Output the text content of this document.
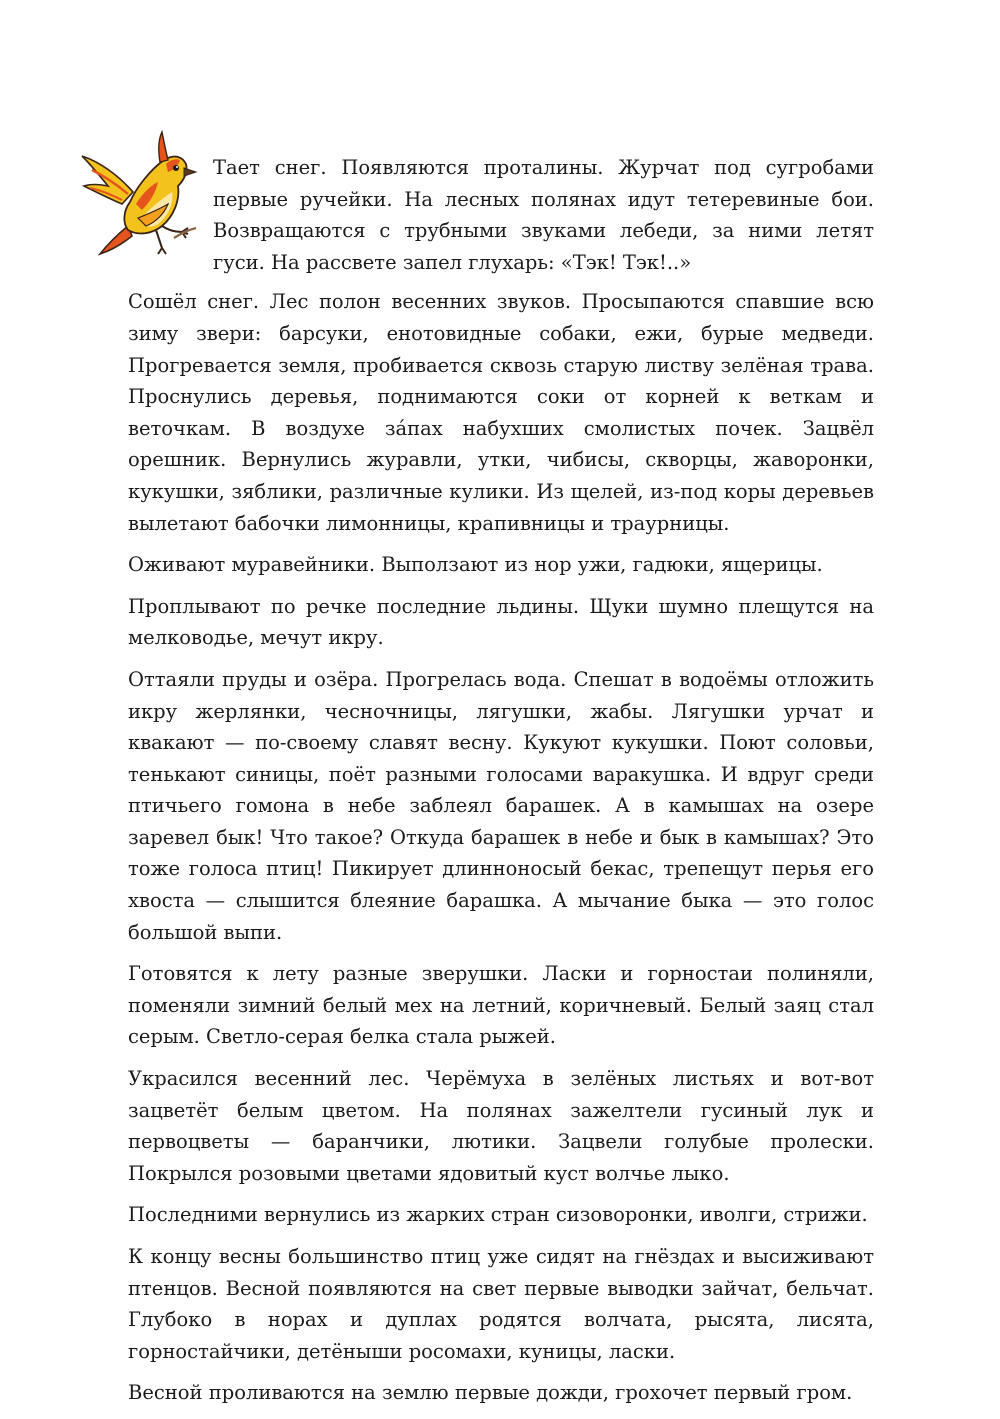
Тает снег. Появляются проталины. Журчат под сугробами первые ручейки. На лесных полянах идут тетеревиные бои. Возвращаются с трубными звуками лебеди, за ними летят гуси. На рассвете запел глухарь: «Тэк! Тэк!..»

Сошёл снег. Лес полон весенних звуков. Просыпаются спавшие всю зиму звери: барсуки, енотовидные собаки, ежи, бурые медведи. Прогревается земля, пробивается сквозь старую листву зелёная трава. Проснулись деревья, поднимаются соки от корней к веткам и веточкам. В воздухе зáпах набухших смолистых почек. Зацвёл орешник. Вернулись журавли, утки, чибисы, скворцы, жаворонки, кукушки, зяблики, различные кулики. Из щелей, из-под коры деревьев вылетают бабочки лимонницы, крапивницы и траурницы.

Оживают муравейники. Выползают из нор ужи, гадюки, ящерицы.

Проплывают по речке последние льдины. Щуки шумно плещутся на мелководье, мечут икру.

Оттаяли пруды и озёра. Прогрелась вода. Спешат в водоёмы отложить икру жерлянки, чесночницы, лягушки, жабы. Лягушки урчат и квакают — по-своему славят весну. Кукуют кукушки. Поют соловьи, тенькают синицы, поёт разными голосами варакушка. И вдруг среди птичьего гомона в небе заблеял барашек. А в камышах на озере заревел бык! Что такое? Откуда барашек в небе и бык в камышах? Это тоже голоса птиц! Пикирует длинноносый бекас, трепещут перья его хвоста — слышится блеяние барашка. А мычание быка — это голос большой выпи.

Готовятся к лету разные зверушки. Ласки и горностаи полиняли, поменяли зимний белый мех на летний, коричневый. Белый заяц стал серым. Светло-серая белка стала рыжей.

Украсился весенний лес. Черёмуха в зелёных листьях и вот-вот зацветёт белым цветом. На полянах зажелтели гусиный лук и первоцветы — баранчики, лютики. Зацвели голубые пролески. Покрылся розовыми цветами ядовитый куст волчье лыко.

Последними вернулись из жарких стран сизоворонки, иволги, стрижи.

К концу весны большинство птиц уже сидят на гнёздах и высиживают птенцов. Весной появляются на свет первые выводки зайчат, бельчат. Глубоко в норах и дуплах родятся волчата, рысята, лисята, горностайчики, детёныши росомахи, куницы, ласки.

Весной проливаются на землю первые дожди, грохочет первый гром.
